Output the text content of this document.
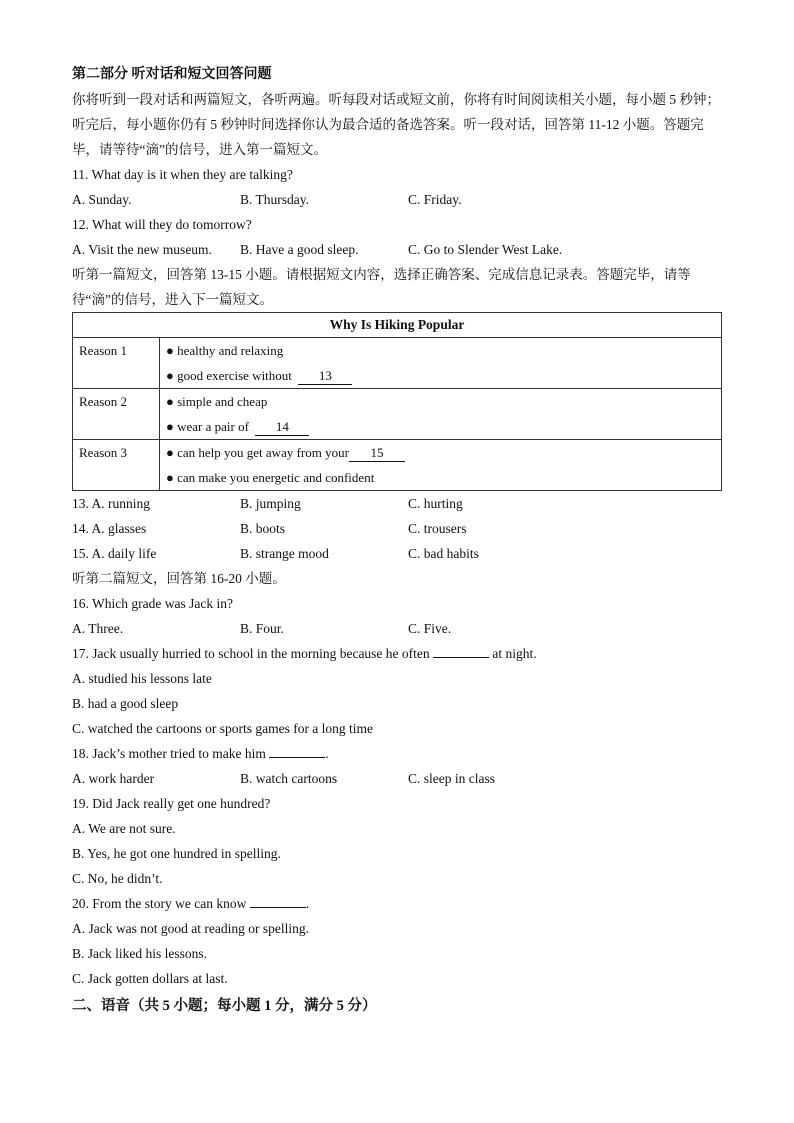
第二部分 听对话和短文回答问题
你将听到一段对话和两篇短文，各听两遍。听每段对话或短文前，你将有时间阅读相关小题，每小题 5 秒钟；听完后，每小题你仍有 5 秒钟时间选择你认为最合适的备选答案。听一段对话，回答第 11-12 小题。答题完毕，请等待“滴”的信号，进入第一篇短文。
11. What day is it when they are talking?
A. Sunday.	B. Thursday.	C. Friday.
12. What will they do tomorrow?
A. Visit the new museum. B. Have a good sleep.	C. Go to Slender West Lake.
听第一篇短文，回答第 13-15 小题。请根据短文内容，选择正确答案、完成信息记录表。答题完毕，请等待“滴”的信号，进入下一篇短文。
Why Is Hiking Popular	
Reason 1	● healthy and relaxing
● good exercise without 13

Reason 2	● simple and cheap
● wear a pair of 14

Reason 3	● can help you get away from your 15
● can make you energetic and confident
13. A. running	B. jumping	C. hurting
14. A. glasses	B. boots	C. trousers
15. A. daily life	B. strange mood	C. bad habits
听第二篇短文，回答第 16-20 小题。
16. Which grade was Jack in?
A. Three.	B. Four.	C. Five.
17. Jack usually hurried to school in the morning because he often	at night.
A. studied his lessons late
B. had a good sleep
C. watched the cartoons or sports games for a long time
18. Jack’s mother tried to make him	.
A. work harder	B. watch cartoons	C. sleep in class
19. Did Jack really get one hundred?
A. We are not sure.
B. Yes, he got one hundred in spelling.
C. No, he didn’t.
20. From the story we can know	.
A. Jack was not good at reading or spelling.
B. Jack liked his lessons.
C. Jack gotten dollars at last.
二、语音（共 5 小题；每小题 1 分，满分 5 分）
